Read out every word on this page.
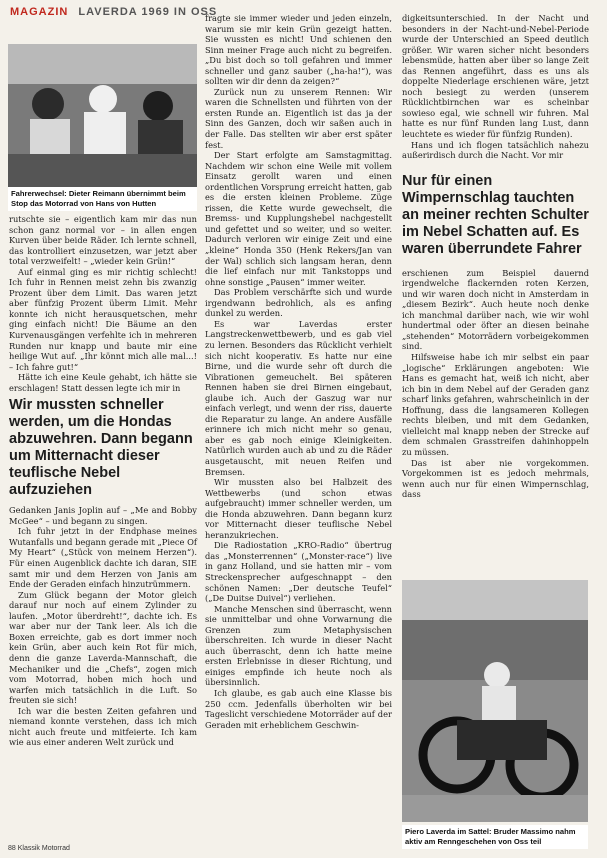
MAGAZIN LAVERDA 1969 IN OSS
Fahrerwechsel: Dieter Reimann übernimmt beim Stop das Motorrad von Hans von Hutten

rutschte sie – eigentlich kam mir das nun schon ganz normal vor – in allen engen Kurven über beide Räder. Ich lernte schnell, das kontrolliert einzusetzen, war jetzt aber total verzweifelt! – „wieder kein Grün!“

Auf einmal ging es mir richtig schlecht! Ich fuhr in Rennen meist zehn bis zwanzig Prozent über dem Limit. Das waren jetzt aber fünfzig Prozent überm Limit. Mehr konnte ich nicht herausquetschen, mehr ging einfach nicht! Die Bäume an den Kurvenausgängen verfehlte ich in mehreren Runden nur knapp und baute mir eine heilige Wut auf. „Ihr könnt mich alle mal...! – Ich fahre gut!“

Hätte ich eine Keule gehabt, ich hätte sie erschlagen! Statt dessen legte ich mir in

Wir mussten schneller werden, um die Hondas abzuwehren. Dann begann um Mitternacht dieser teuflische Nebel aufzuziehen

Gedanken Janis Joplin auf – „Me and Bobby McGee“ – und begann zu singen.

Ich fuhr jetzt in der Endphase meines Wutanfalls und begann gerade mit „Piece Of My Heart“ („Stück von meinem Herzen“). Für einen Augenblick dachte ich daran, SIE samt mir und dem Herzen von Janis am Ende der Geraden einfach hinzutrümmern.

Zum Glück begann der Motor gleich darauf nur noch auf einem Zylinder zu laufen. „Motor überdreht!“, dachte ich. Es war aber nur der Tank leer. Als ich die Boxen erreichte, gab es dort immer noch kein Grün, aber auch kein Rot für mich, denn die ganze Laverda-Mannschaft, die Mechaniker und die „Chefs“, zogen mich vom Motorrad, hoben mich hoch und warfen mich tatsächlich in die Luft. So freuten sie sich!

Ich war die besten Zeiten gefahren und niemand konnte verstehen, dass ich mich nicht auch freute und mitfeierte. Ich kam wie aus einer anderen Welt zurück und

fragte sie immer wieder und jeden einzeln, warum sie mir kein Grün gezeigt hatten. Sie wussten es nicht! Und schienen den Sinn meiner Frage auch nicht zu begreifen. „Du bist doch so toll gefahren und immer schneller und ganz sauber („ha-ha!“), was sollten wir dir denn da zeigen?“

Zurück nun zu unserem Rennen: Wir waren die Schnellsten und führten von der ersten Runde an. Eigentlich ist das ja der Sinn des Ganzen, doch wir saßen auch in der Falle. Das stellten wir aber erst später fest.

Der Start erfolgte am Samstagmittag. Nachdem wir schon eine Weile mit vollem Einsatz gerollt waren und einen ordentlichen Vorsprung erreicht hatten, gab es die ersten kleinen Probleme. Züge rissen, die Kette wurde gewechselt, die Bremss- und Kupplungshebel nachgestellt und gefettet und so weiter, und so weiter. Dadurch verloren wir einige Zeit und eine „kleine“ Honda 350 (Henk Rekers/Jan van der Wal) schlich sich langsam heran, denn die lief einfach nur mit Tankstopps und ohne sonstige „Pausen“ immer weiter.

Das Problem verschärfte sich und wurde irgendwann bedrohlich, als es anfing dunkel zu werden.

Es war Laverdas erster Langstreckenwettbewerb, und es gab viel zu lernen. Besonders das Rücklicht verhielt sich nicht kooperativ. Es hatte nur eine Birne, und die wurde sehr oft durch die Vibrationen gemeuchelt. Bei späteren Rennen haben sie drei Birnen eingebaut, glaube ich. Auch der Gaszug war nur einfach verlegt, und wenn der riss, dauerte die Reparatur zu lange. An andere Ausfälle erinnere ich mich nicht mehr so genau, aber es gab noch einige Kleinigkeiten. Natürlich wurden auch ab und zu die Räder ausgetauscht, mit neuen Reifen und Bremsen.

Wir mussten also bei Halbzeit des Wettbewerbs (und schon etwas aufgebraucht) immer schneller werden, um die Honda abzuwehren. Dann begann kurz vor Mitternacht dieser teuflische Nebel heranzukriechen.

Die Radiostation „KRO-Radio“ übertrug das „Monsterrennen“ („Monster-race“) live in ganz Holland, und sie hatten mir – vom Streckensprecher aufgeschnappt – den schönen Namen: „Der deutsche Teufel“ („De Duitse Duivel“) verliehen.

Manche Menschen sind überrascht, wenn sie unmittelbar und ohne Vorwarnung die Grenzen zum Metaphysischen überschreiten. Ich wurde in dieser Nacht auch überrascht, denn ich hatte meine ersten Erlebnisse in dieser Richtung, und einiges empfinde ich heute noch als übersinnlich.

Ich glaube, es gab auch eine Klasse bis 250 ccm. Jedenfalls überholten wir bei Tageslicht verschiedene Motorräder auf der Geraden mit erheblichem Geschwin-

digkeitsunterschied. In der Nacht und besonders in der Nacht-und-Nebel-Periode wurde der Unterschied an Speed deutlich größer. Wir waren sicher nicht besonders lebensmüde, hatten aber über so lange Zeit das Rennen angeführt, dass es uns als doppelte Niederlage erschienen wäre, jetzt noch besiegt zu werden (unserem Rücklichtbirnchen war es scheinbar sowieso egal, wie schnell wir fuhren. Mal hatte es nur fünf Runden lang Lust, dann leuchtete es wieder für fünfzig Runden).

Hans und ich flogen tatsächlich nahezu außerirdisch durch die Nacht. Vor mir

Nur für einen Wimpernschlag tauchten an meiner rechten Schulter im Nebel Schatten auf. Es waren überrundete Fahrer

erschienen zum Beispiel dauernd irgendwelche flackernden roten Kerzen, und wir waren doch nicht in Amsterdam in „diesem Bezirk“. Auch heute noch denke ich manchmal darüber nach, wie wir wohl hundertmal oder öfter an diesen beinahe „stehenden“ Motorrädern vorbeigekommen sind.

Hilfsweise habe ich mir selbst ein paar „logische“ Erklärungen angeboten: Wie Hans es gemacht hat, weiß ich nicht, aber ich bin in dem Nebel auf der Geraden ganz scharf links gefahren, wahrscheinlich in der Hoffnung, dass die langsameren Kollegen rechts bleiben, und mit dem Gedanken, vielleicht mal knapp neben der Strecke auf dem schmalen Grasstreifen dahinhoppeln zu müssen.

Das ist aber nie vorgekommen. Vorgekommen ist es jedoch mehrmals, wenn auch nur für einen Wimpernschlag, dass

Piero Laverda im Sattel: Bruder Massimo nahm aktiv am Renngeschehen von Oss teil
88 Klassik Motorrad
